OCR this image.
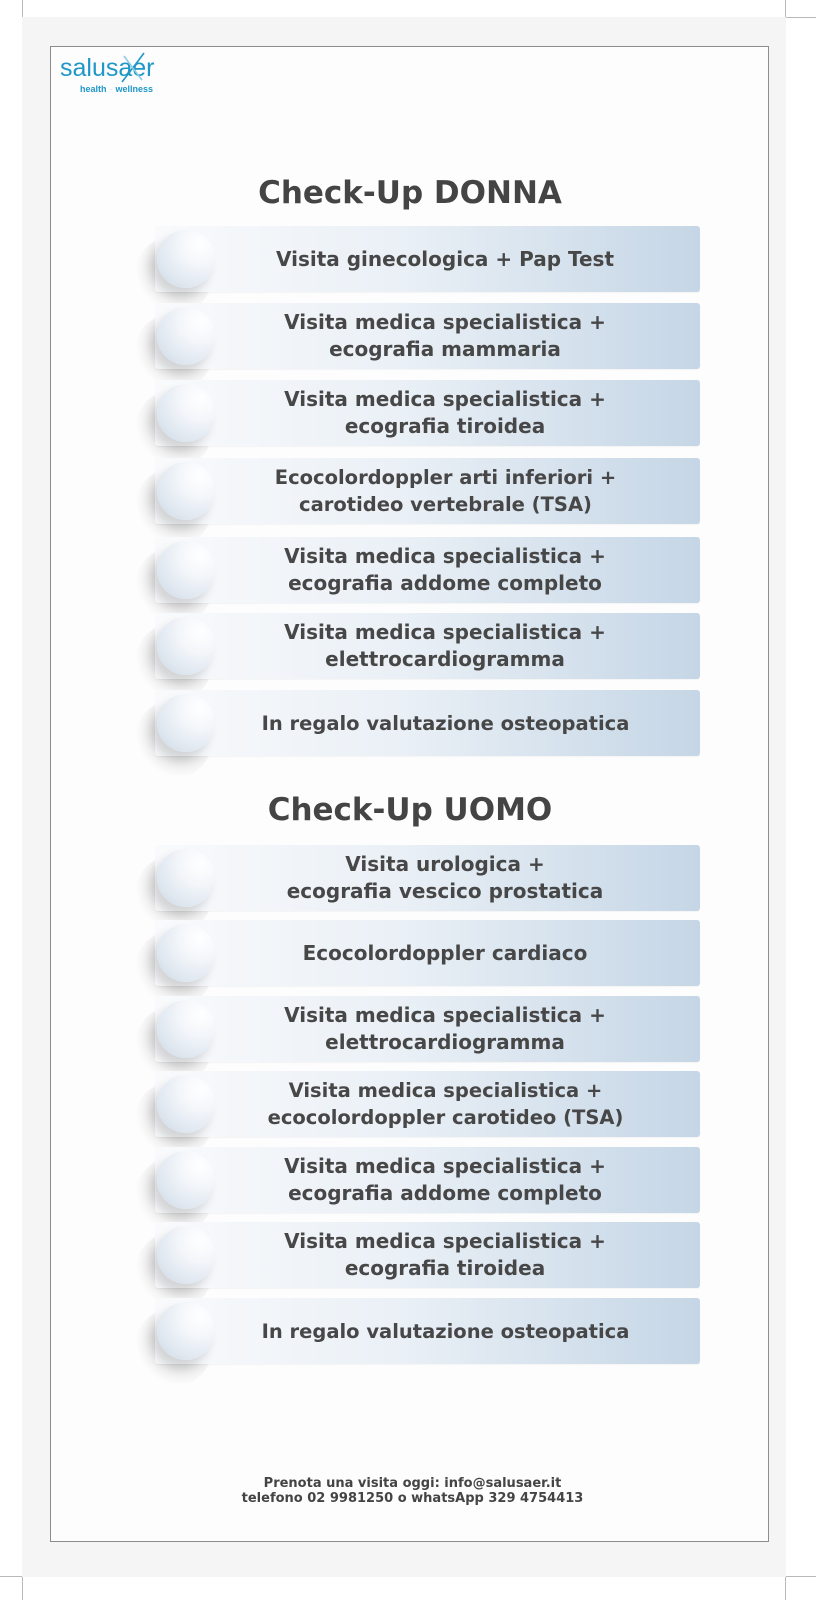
salusaer
health · wellness
Check-Up DONNA
Visita ginecologica + Pap Test
Visita medica specialistica +
ecografia mammaria
Visita medica specialistica +
ecografia tiroidea
Ecocolordoppler arti inferiori +
carotideo vertebrale (TSA)
Visita medica specialistica +
ecografia addome completo
Visita medica specialistica +
elettrocardiogramma
In regalo valutazione osteopatica
Check-Up UOMO
Visita urologica +
ecografia vescico prostatica
Ecocolordoppler cardiaco
Visita medica specialistica +
elettrocardiogramma
Visita medica specialistica +
ecocolordoppler carotideo (TSA)
Visita medica specialistica +
ecografia addome completo
Visita medica specialistica +
ecografia tiroidea
In regalo valutazione osteopatica
Prenota una visita oggi: info@salusaer.it
telefono 02 9981250 o whatsApp 329 4754413
